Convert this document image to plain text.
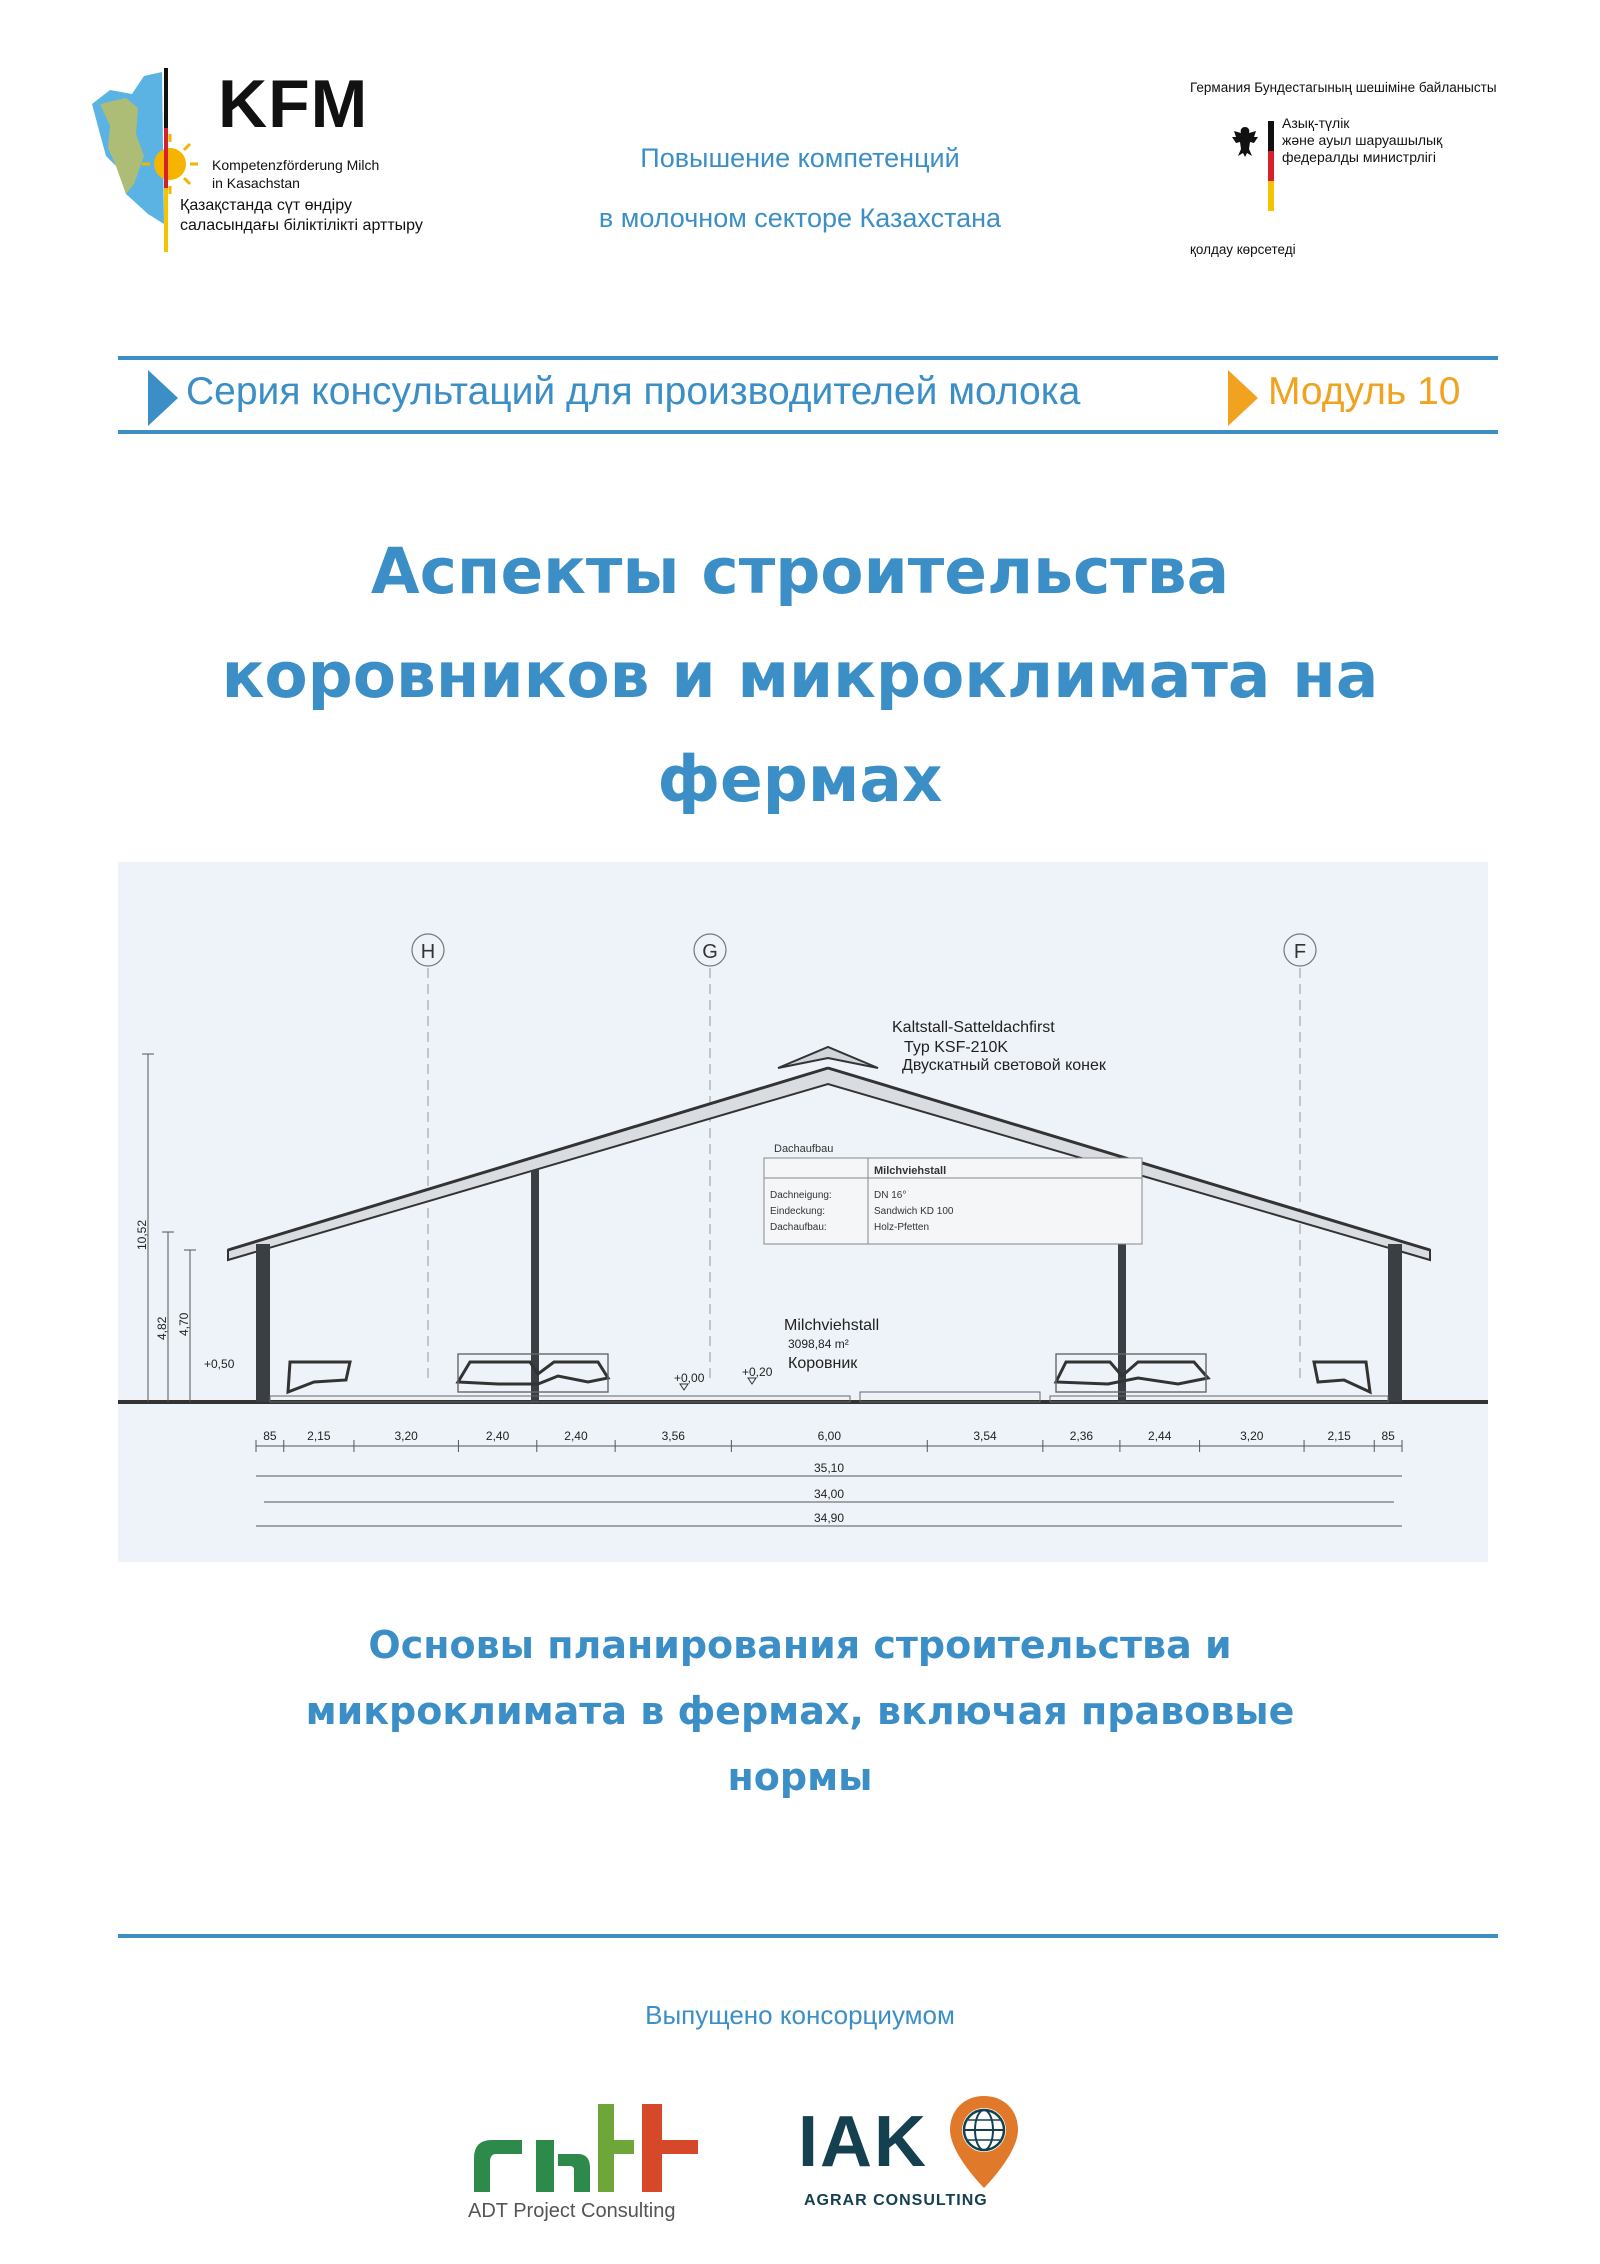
KFM
Kompetenzförderung Milch
in Kasachstan
Қазақстанда сүт өндіру
саласындағы біліктілікті арттыру
Повышение компетенций
в молочном секторе Казахстана
Германия Бундестагының шешіміне байланысты
Азық-түлік
және ауыл шаруашылық
федералды министрлігі
қолдау көрсетеді
Серия консультаций для производителей молока	Модуль 10
Аспекты строительства
коровников и микроклимата на
фермах
H	G	F
Kaltstall-Satteldachfirst
Typ KSF-210K
Двускатный световой конек
Dachaufbau
Milchviehstall
Dachneigung:	DN 16°
Eindeckung:	Sandwich KD 100
Dachaufbau:	Holz-Pfetten
Milchviehstall
3098,84 m²
Коровник
+0,50
+0,00	+0,20
10,52
4,82 4,70
85	2,15	3,20	2,40	2,40	3,56	6,00	3,54	2,36	2,44	3,20	2,15	85
35,10
34,00
34,90
Основы планирования строительства и
микроклимата в фермах, включая правовые
нормы
Выпущено консорциумом
ADT Project Consulting
IAK
AGRAR CONSULTING
